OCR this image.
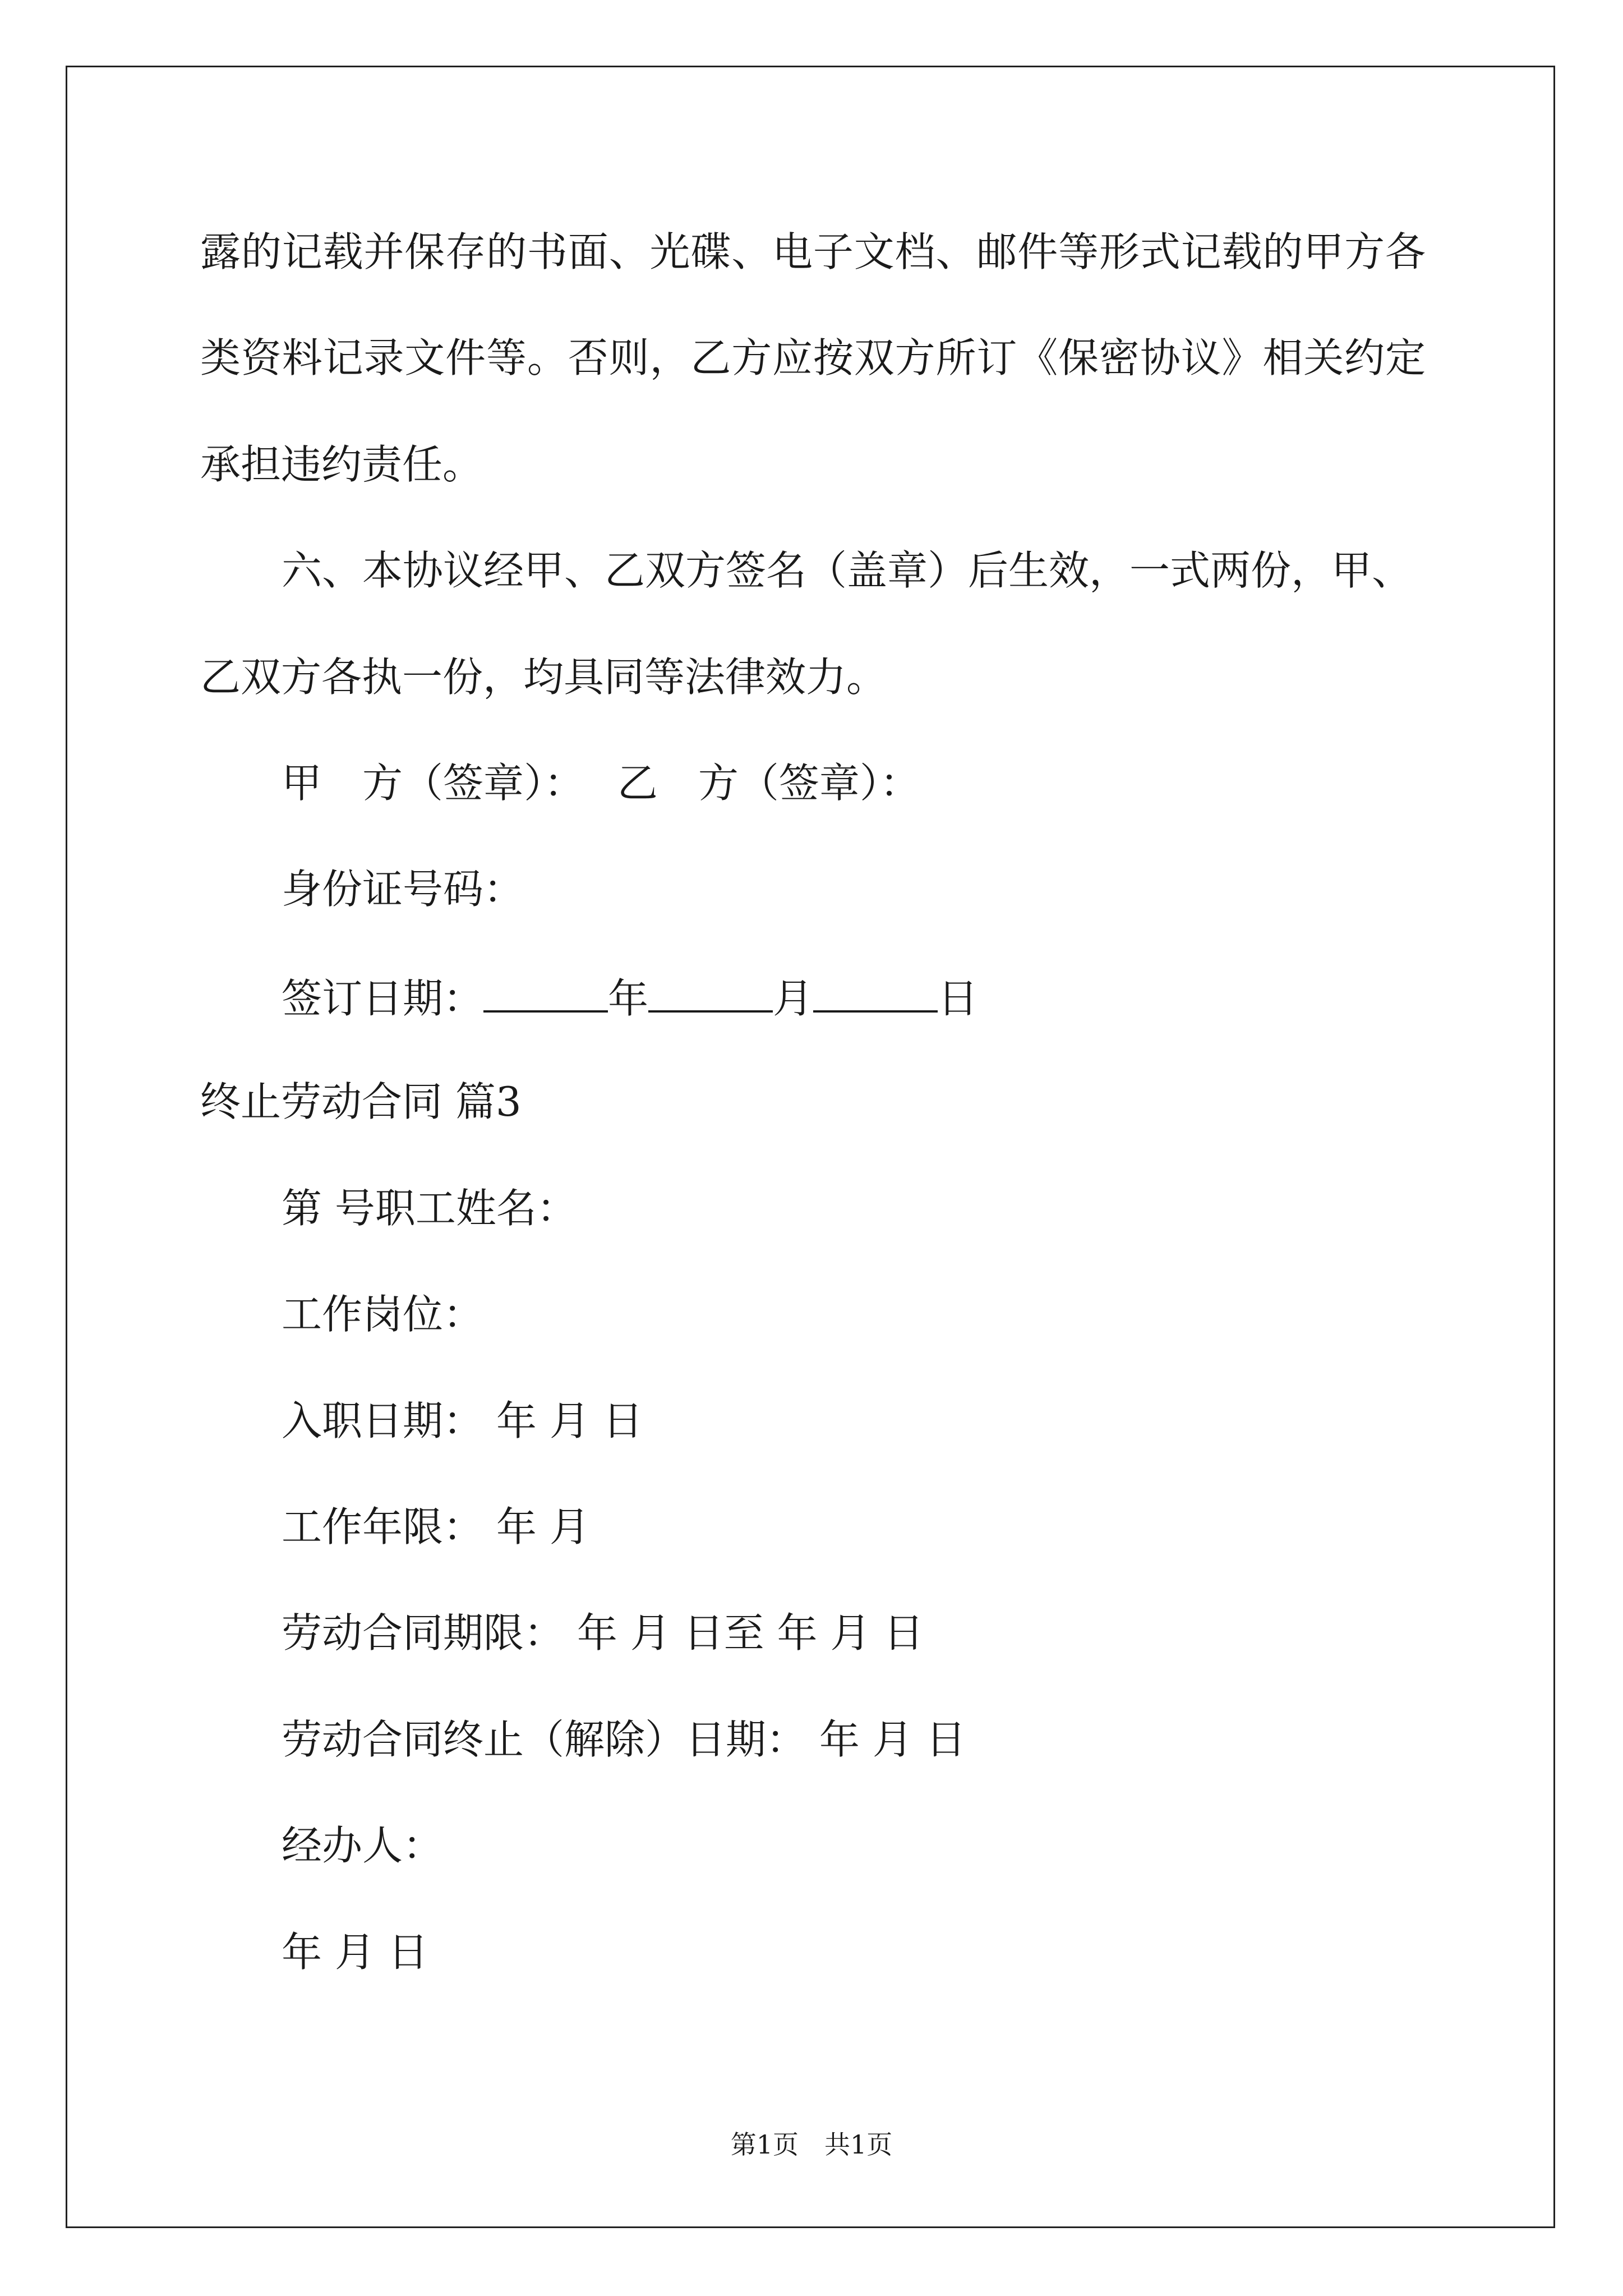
露的记载并保存的书面、光碟、电子文档、邮件等形式记载的甲方各
类资料记录文件等。否则，乙方应按双方所订《保密协议》相关约定
承担违约责任。
六、本协议经甲、乙双方签名（盖章）后生效，一式两份，甲、
乙双方各执一份，均具同等法律效力。
甲　方（签章）： 乙　方（签章）：
身份证号码：
签订日期：	年	月	日
终止劳动合同 篇3
第 号职工姓名：
工作岗位：
入职日期： 年 月 日
工作年限： 年 月
劳动合同期限： 年 月 日至 年 月 日
劳动合同终止（解除）日期： 年 月 日
经办人：
年 月 日
第1页　共1页
